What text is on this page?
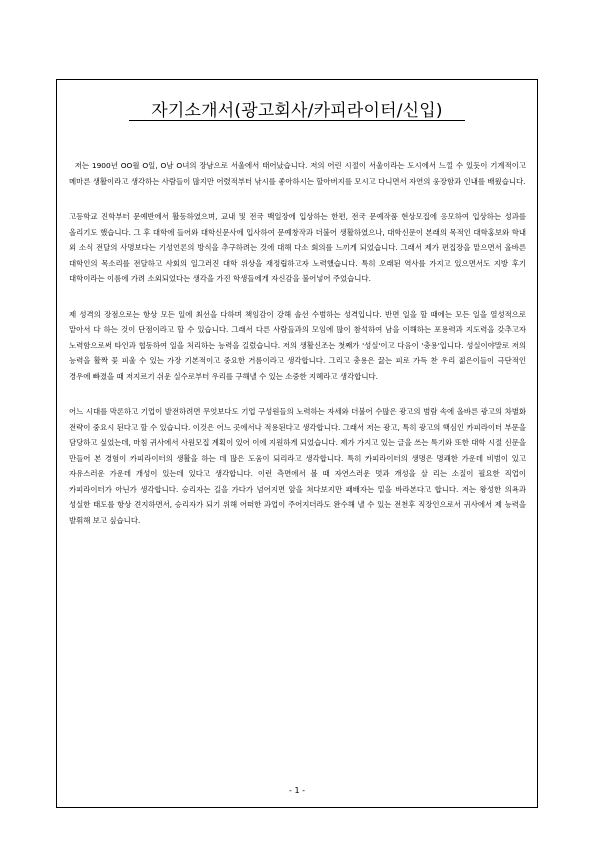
자기소개서(광고회사/카피라이터/신입)

저는 1900년 OO월 O일, O남 O녀의 장남으로 서울에서 태어났습니다. 저의 어린 시절이 서울이라는 도시에서 느낄 수 있듯이 기계적이고 메마른 생활이라고 생각하는 사람들이 많지만 어렸적부터 낚시를 좋아하시는 할아버지를 모시고 다니면서 자연의 웅장함과 인내를 배웠습니다.

고등학교 진학부터 문예반에서 활동하였으며, 교내 및 전국 백일장에 입상하는 한편, 전국 문예작품 현상모집에 응모하여 입상하는 성과를 올리기도 했습니다. 그 후 대학에 들어와 대학신문사에 입사하여 문예창작과 더불어 생활하였으나, 대학신문이 본래의 목적인 대학홍보와 학내 외 소식 전달의 사명보다는 기성언론의 방식을 추구하려는 것에 대해 다소 회의를 느끼게 되었습니다. 그래서 제가 편집장을 맡으면서 올바른 대학인의 목소리를 전달하고 사회의 일그러진 대학 위상을 재정립하고자 노력했습니다. 특히 오래된 역사를 가지고 있으면서도 지방 후기 대학이라는 이름에 가려 소외되었다는 생각을 가진 학생들에게 자신감을 불어넣어 주었습니다.

제 성격의 장점으로는 항상 모든 일에 최선을 다하며 책임감이 강해 솔선 수범하는 성격입니다. 반면 일을 할 때에는 모든 일을 열성적으로 맡아서 다 하는 것이 단점이라고 할 수 있습니다. 그래서 다른 사람들과의 모임에 많이 참석하여 남을 이해하는 포용력과 지도력을 갖추고자 노력함으로써 타인과 협동하여 일을 처리하는 능력을 길렀습니다. 저의 생활신조는 첫째가 '성실'이고 다음이 '충용'입니다. 성실이야말로 저의 능력을 활짝 꽃 피울 수 있는 가장 기본적이고 중요한 거름이라고 생각합니다. 그리고 충용은 끓는 피로 가득 찬 우리 젊은이들이 극단적인 경우에 빠졌을 때 저지르기 쉬운 실수로부터 우리를 구해낼 수 있는 소중한 지혜라고 생각합니다.

어느 시대를 막론하고 기업이 발전하려면 무엇보다도 기업 구성원들의 노력하는 자세와 더불어 수많은 광고의 범람 속에 올바른 광고의 차별화 전략이 중요시 된다고 할 수 있습니다. 이것은 어느 곳에서나 적용된다고 생각합니다. 그래서 저는 광고, 특히 광고의 핵심인 카피라이터 부문을 담당하고 싶었는데, 마침 귀사에서 사원모집 계획이 있어 이에 지원하게 되었습니다. 제가 가지고 있는 글을 쓰는 특기와 또한 대학 시절 신문을 만들어 본 경험이 카피라이터의 생활을 하는 데 많은 도움이 되리라고 생각합니다. 특히 카피라이터의 생명은 명쾌한 가운데 비범이 있고 자유스러운 가운데 개성이 있는데 있다고 생각합니다. 이런 측면에서 볼 때 자연스러운 멋과 개성을 살 리는 소질이 필요한 직업이 카피라이터가 아닌가 생각합니다. 승리자는 길을 가다가 넘어지면 앞을 쳐다보지만 패배자는 밑을 바라본다고 합니다. 저는 왕성한 의욕과 성실한 태도를 항상 견지하면서, 승리자가 되기 위해 어떠한 과업이 주어지더라도 완수해 낼 수 있는 전천후 직장인으로서 귀사에서 제 능력을 발휘해 보고 싶습니다.

- 1 -
